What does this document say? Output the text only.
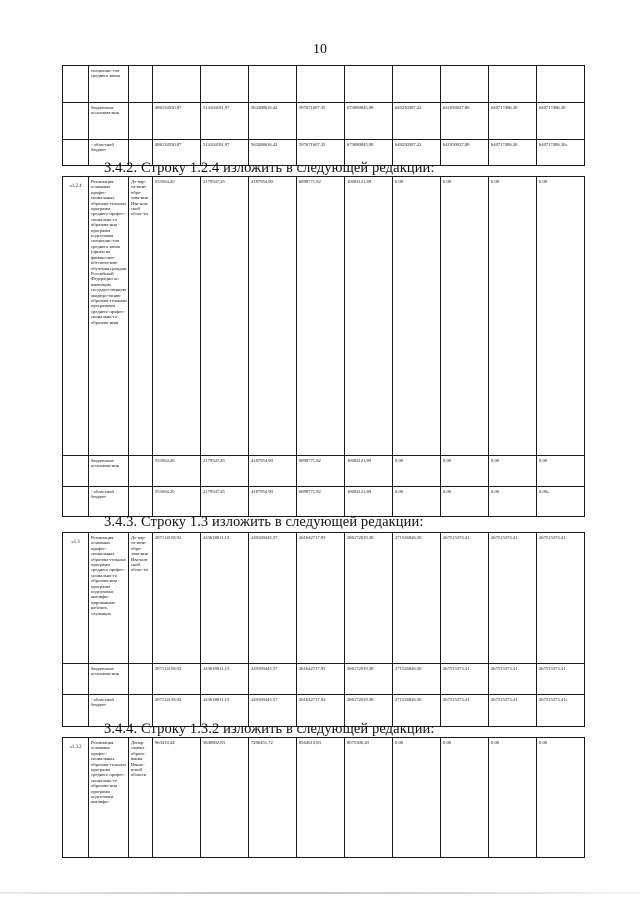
10
	специалис-тов среднего звена										
	бюджетные ассигнова-ния		486134530,87	514104181,97	563288616,42	597671607,35	673080845,98	649250387,22	641050027,80	640717486,30	640717486,30
	- областной бюджет		486134530,87	514104181,97	563288616,42	597671607,35	673080845,98	649250387,22	641050027,80	640717486,30	640717486,30»
3.4.2. Строку 1.2.4 изложить в следующей редакции:
«1.2.4	Реализация основных профес-сиональных образова-тельных программ среднего профес-сионально-го образова-ния - программ подготовки специалис-тов среднего звена (прием на финансовое обеспече-ние обучения граждан Российской Федерации по имеющим государст-венную аккреди-тацию образова-тельным программам среднего профес-сионально-го образова-ния)	Де-пар-та-мент обра-зова-ния Ива-нов-ской облас-ти	553564,20	2179547,45	4187954,90	6898771,82	10004121,89	0,00	0,00	0,00	0,00
	бюджетные ассигнова-ния		553564,20	2179547,45	4187954,90	6898771,82	10004121,89	0,00	0,00	0,00	0,00
	- областной бюджет		553564,20	2179547,45	4187954,90	6898771,82	10004121,89	0,00	0,00	0,00	0,00»
3.4.3. Строку 1.3 изложить в следующей редакции:
«1.3	Реализация основных профес-сиональных образова-тельных программ среднего профес-сионально-го образова-ния - программ подготовки квалифи-цированных рабочих, служащих	Де-пар-та-мент обра-зова-ния Ива-нов-ской облас-ти	287114158,92	243618011,15	249169445,57	261642717,93	286172019,38	271526826,50	267515373,41	267515373,41	267515373,41
	бюджетные ассигнова-ния		287114158,92	243618011,15	249169445,57	261642717,93	286172019,38	271526826,50	267515373,41	267515373,41	267515373,41
	- областной бюджет		287114158,92	243618011,15	249169445,57	261642717,93	286172019,38	271526826,50	267515373,41	267515373,41	267515373,41»
3.4.4. Строку 1.3.2 изложить в следующей редакции:
«1.3.2	Реализация основных профес-сиональных образова-тельных программ среднего профес-сионально-го образова-ния - программ подготовки квалифи-	Депар-тамент образо-вания Ивано-вской области	963410,44	3840802,83	7206451,72	8564613,83	8075306,20	0,00	0,00	0,00	0,00
